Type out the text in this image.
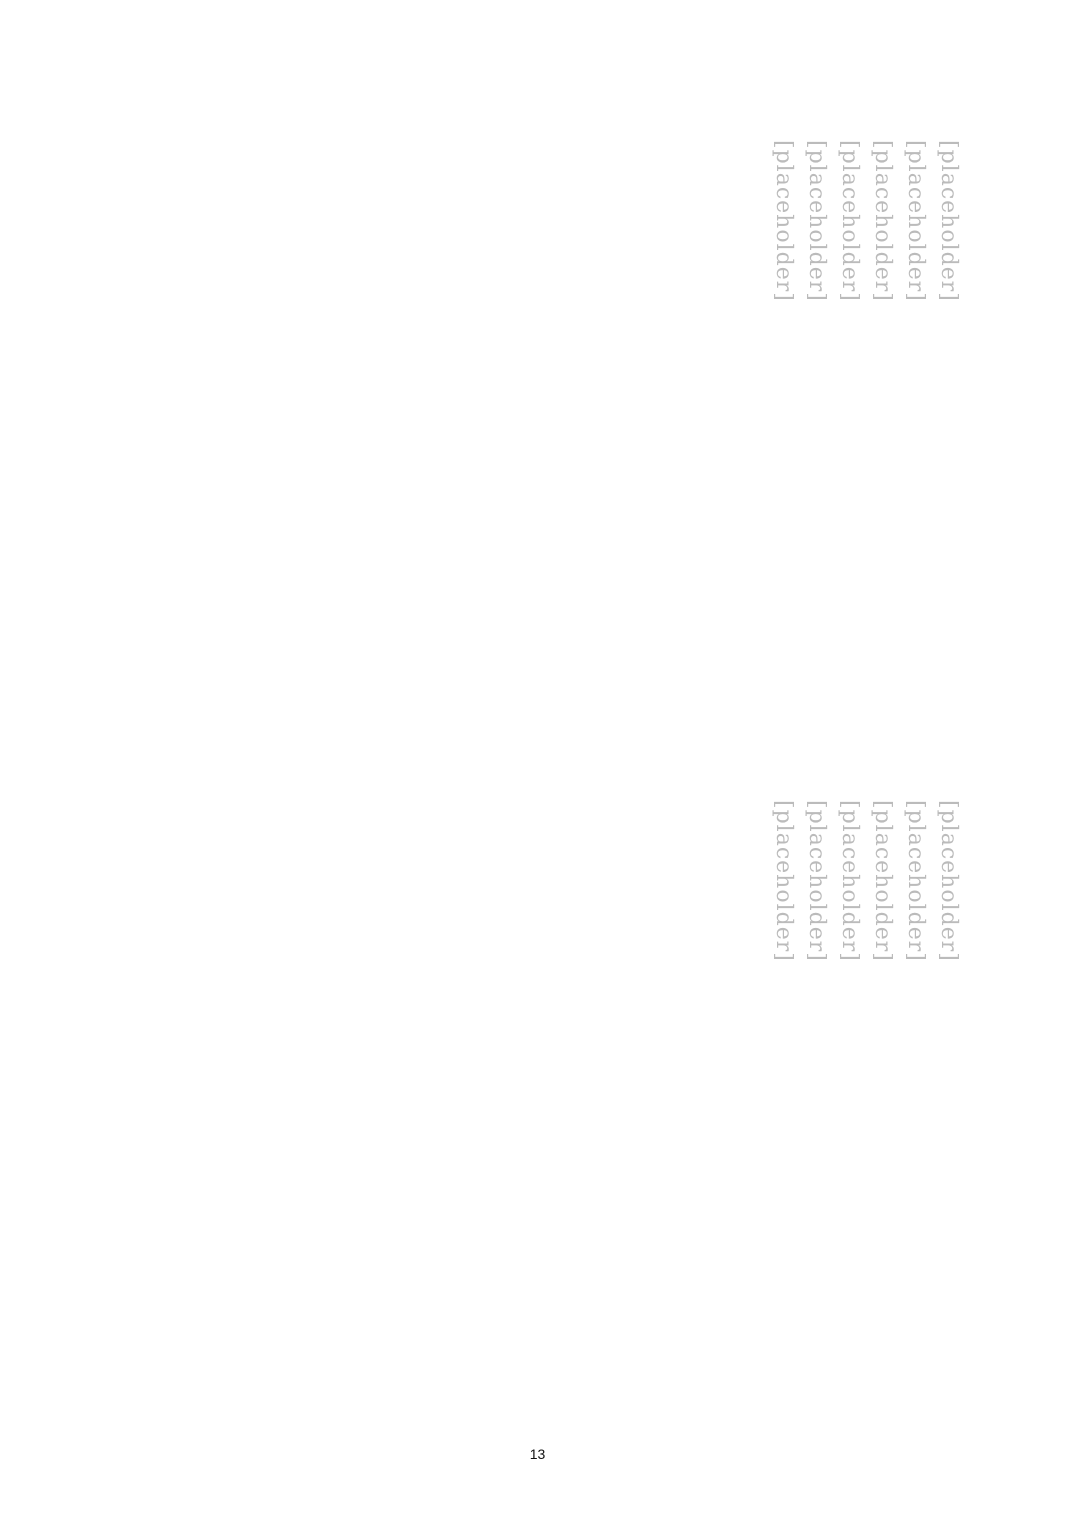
[placeholder]

[placeholder]

[placeholder]

[placeholder]

[placeholder]

[placeholder]

[placeholder]

[placeholder]

[placeholder]

[placeholder]

[placeholder]

[placeholder]

13
